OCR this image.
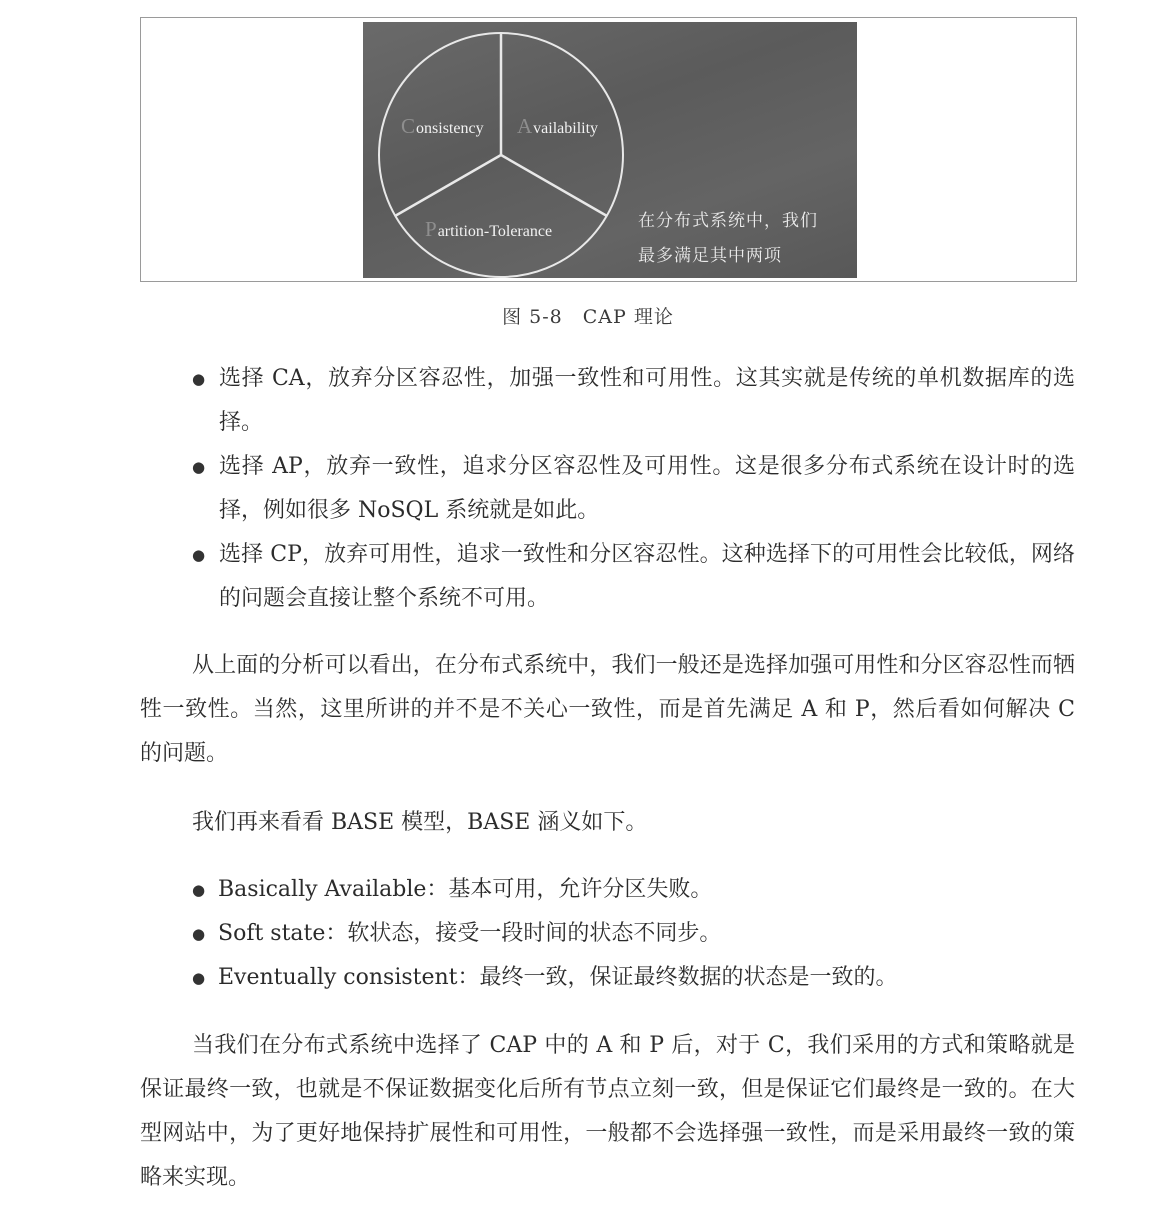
Consistency Availability
Partition-Tolerance
在分布式系统中，我们
最多满足其中两项
图 5-8　CAP 理论
● 选择 CA，放弃分区容忍性，加强一致性和可用性。这其实就是传统的单机数据库的选择。
● 选择 AP，放弃一致性，追求分区容忍性及可用性。这是很多分布式系统在设计时的选择，例如很多 NoSQL 系统就是如此。
● 选择 CP，放弃可用性，追求一致性和分区容忍性。这种选择下的可用性会比较低，网络的问题会直接让整个系统不可用。

从上面的分析可以看出，在分布式系统中，我们一般还是选择加强可用性和分区容忍性而牺牲一致性。当然，这里所讲的并不是不关心一致性，而是首先满足 A 和 P，然后看如何解决 C 的问题。

我们再来看看 BASE 模型，BASE 涵义如下。

● Basically Available：基本可用，允许分区失败。
● Soft state：软状态，接受一段时间的状态不同步。
● Eventually consistent：最终一致，保证最终数据的状态是一致的。

当我们在分布式系统中选择了 CAP 中的 A 和 P 后，对于 C，我们采用的方式和策略就是保证最终一致，也就是不保证数据变化后所有节点立刻一致，但是保证它们最终是一致的。在大型网站中，为了更好地保持扩展性和可用性，一般都不会选择强一致性，而是采用最终一致的策略来实现。
